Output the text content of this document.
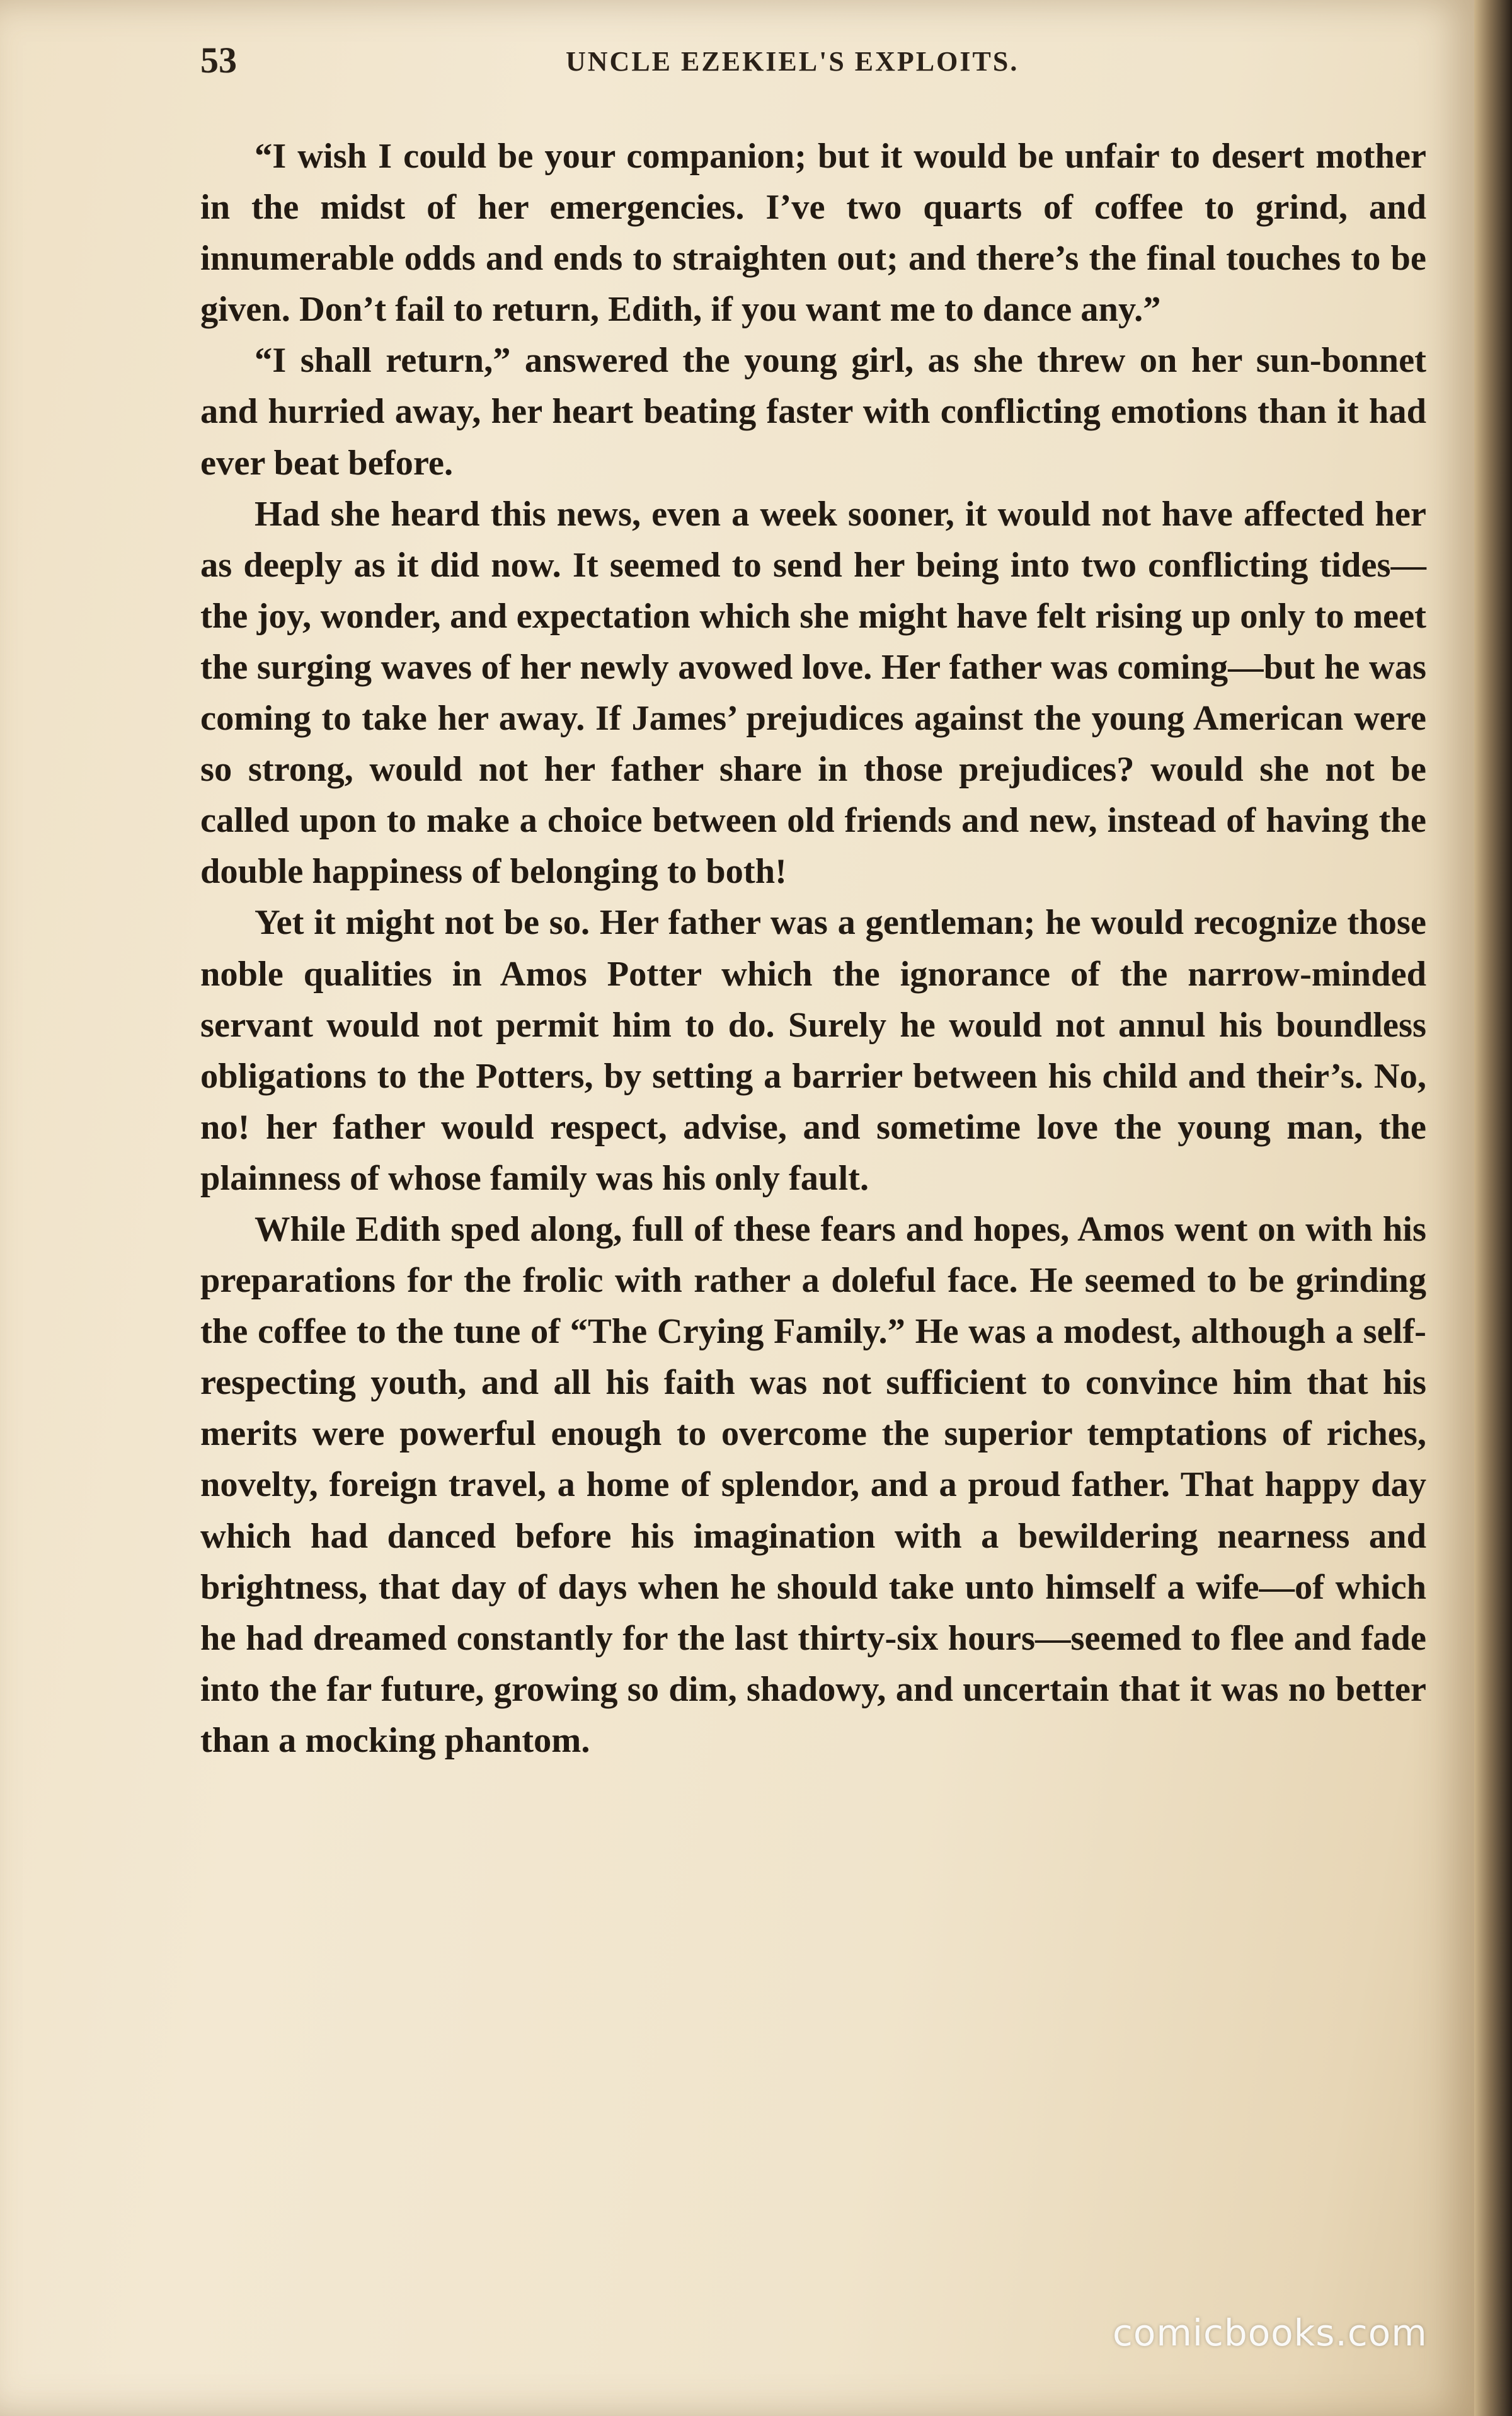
53	UNCLE EZEKIEL'S EXPLOITS.

“I wish I could be your companion; but it would be unfair to desert mother in the midst of her emergencies. I’ve two quarts of coffee to grind, and innumerable odds and ends to straighten out; and there’s the final touches to be given. Don’t fail to return, Edith, if you want me to dance any.”

“I shall return,” answered the young girl, as she threw on her sun-bonnet and hurried away, her heart beating faster with conflicting emotions than it had ever beat before.

Had she heard this news, even a week sooner, it would not have affected her as deeply as it did now. It seemed to send her being into two conflicting tides—the joy, wonder, and expectation which she might have felt rising up only to meet the surging waves of her newly avowed love. Her father was coming—but he was coming to take her away. If James’ prejudices against the young American were so strong, would not her father share in those prejudices? would she not be called upon to make a choice between old friends and new, instead of having the double happiness of belonging to both!

Yet it might not be so. Her father was a gentleman; he would recognize those noble qualities in Amos Potter which the ignorance of the narrow-minded servant would not permit him to do. Surely he would not annul his boundless obligations to the Potters, by setting a barrier between his child and their’s. No, no! her father would respect, advise, and sometime love the young man, the plainness of whose family was his only fault.

While Edith sped along, full of these fears and hopes, Amos went on with his preparations for the frolic with rather a doleful face. He seemed to be grinding the coffee to the tune of “The Crying Family.” He was a modest, although a self-respecting youth, and all his faith was not sufficient to convince him that his merits were powerful enough to overcome the superior temptations of riches, novelty, foreign travel, a home of splendor, and a proud father. That happy day which had danced before his imagination with a bewildering nearness and brightness, that day of days when he should take unto himself a wife—of which he had dreamed constantly for the last thirty-six hours—seemed to flee and fade into the far future, growing so dim, shadowy, and uncertain that it was no better than a mocking phantom.

comicbooks.com
